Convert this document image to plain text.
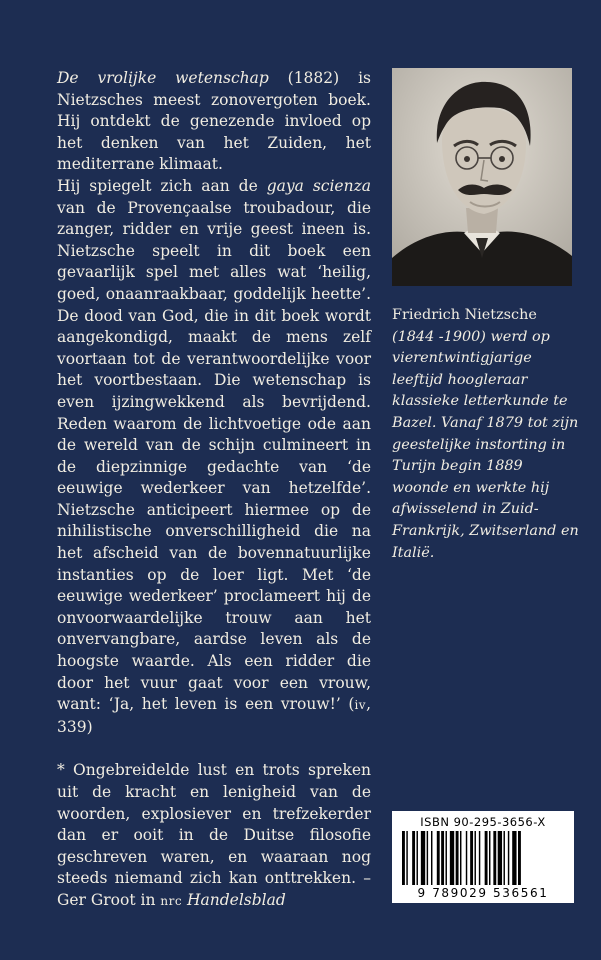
De vrolijke wetenschap (1882) is Nietzsches meest zonovergoten boek. Hij ontdekt de genezende invloed op het denken van het Zuiden, het mediterrane klimaat.

Hij spiegelt zich aan de gaya scienza van de Provençaalse troubadour, die zanger, ridder en vrije geest ineen is. Nietzsche speelt in dit boek een gevaarlijk spel met alles wat ‘heilig, goed, onaanraakbaar, goddelijk heette’. De dood van God, die in dit boek wordt aangekondigd, maakt de mens zelf voortaan tot de verantwoordelijke voor het voortbestaan. Die wetenschap is even ijzingwekkend als bevrijdend. Reden waarom de lichtvoetige ode aan de wereld van de schijn culmineert in de diepzinnige gedachte van ‘de eeuwige wederkeer van hetzelfde’. Nietzsche anticipeert hiermee op de nihilistische onverschilligheid die na het afscheid van de bovennatuurlijke instanties op de loer ligt. Met ‘de eeuwige wederkeer’ proclameert hij de onvoorwaardelijke trouw aan het onvervangbare, aardse leven als de hoogste waarde. Als een ridder die door het vuur gaat voor een vrouw, want: ‘Ja, het leven is een vrouw!’ (iv, 339)

* Ongebreidelde lust en trots spreken uit de kracht en lenigheid van de woorden, explosiever en trefzekerder dan er ooit in de Duitse filosofie geschreven waren, en waaraan nog steeds niemand zich kan onttrekken. – Ger Groot in nrc Handelsblad

Friedrich Nietzsche
(1844 -1900) werd op vierentwintigjarige leeftijd hoogleraar klassieke letterkunde te Bazel. Vanaf 1879 tot zijn geestelijke instorting in Turijn begin 1889 woonde en werkte hij afwisselend in Zuid-Frankrijk, Zwitserland en Italië.
ISBN 90-295-3656-X
9 789029 536561
